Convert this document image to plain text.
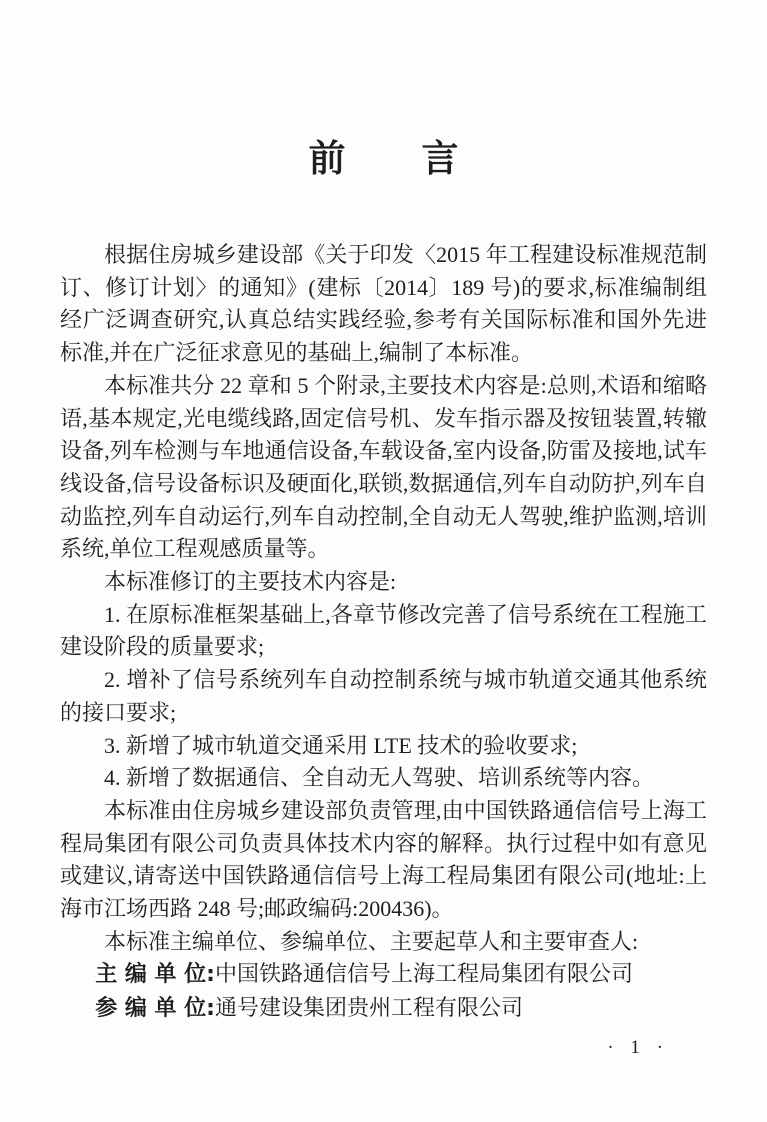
前 言

根据住房城乡建设部《关于印发〈2015 年工程建设标准规范制订、修订计划〉的通知》(建标〔2014〕189 号)的要求,标准编制组经广泛调查研究,认真总结实践经验,参考有关国际标准和国外先进标准,并在广泛征求意见的基础上,编制了本标准。

本标准共分 22 章和 5 个附录,主要技术内容是:总则,术语和缩略语,基本规定,光电缆线路,固定信号机、发车指示器及按钮装置,转辙设备,列车检测与车地通信设备,车载设备,室内设备,防雷及接地,试车线设备,信号设备标识及硬面化,联锁,数据通信,列车自动防护,列车自动监控,列车自动运行,列车自动控制,全自动无人驾驶,维护监测,培训系统,单位工程观感质量等。

本标准修订的主要技术内容是:

1. 在原标准框架基础上,各章节修改完善了信号系统在工程施工建设阶段的质量要求;

2. 增补了信号系统列车自动控制系统与城市轨道交通其他系统的接口要求;

3. 新增了城市轨道交通采用 LTE 技术的验收要求;

4. 新增了数据通信、全自动无人驾驶、培训系统等内容。

本标准由住房城乡建设部负责管理,由中国铁路通信信号上海工程局集团有限公司负责具体技术内容的解释。执行过程中如有意见或建议,请寄送中国铁路通信信号上海工程局集团有限公司(地址:上海市江场西路 248 号;邮政编码:200436)。

本标准主编单位、参编单位、主要起草人和主要审查人:

主 编 单 位:中国铁路通信信号上海工程局集团有限公司

参 编 单 位:通号建设集团贵州工程有限公司

· 1 ·
